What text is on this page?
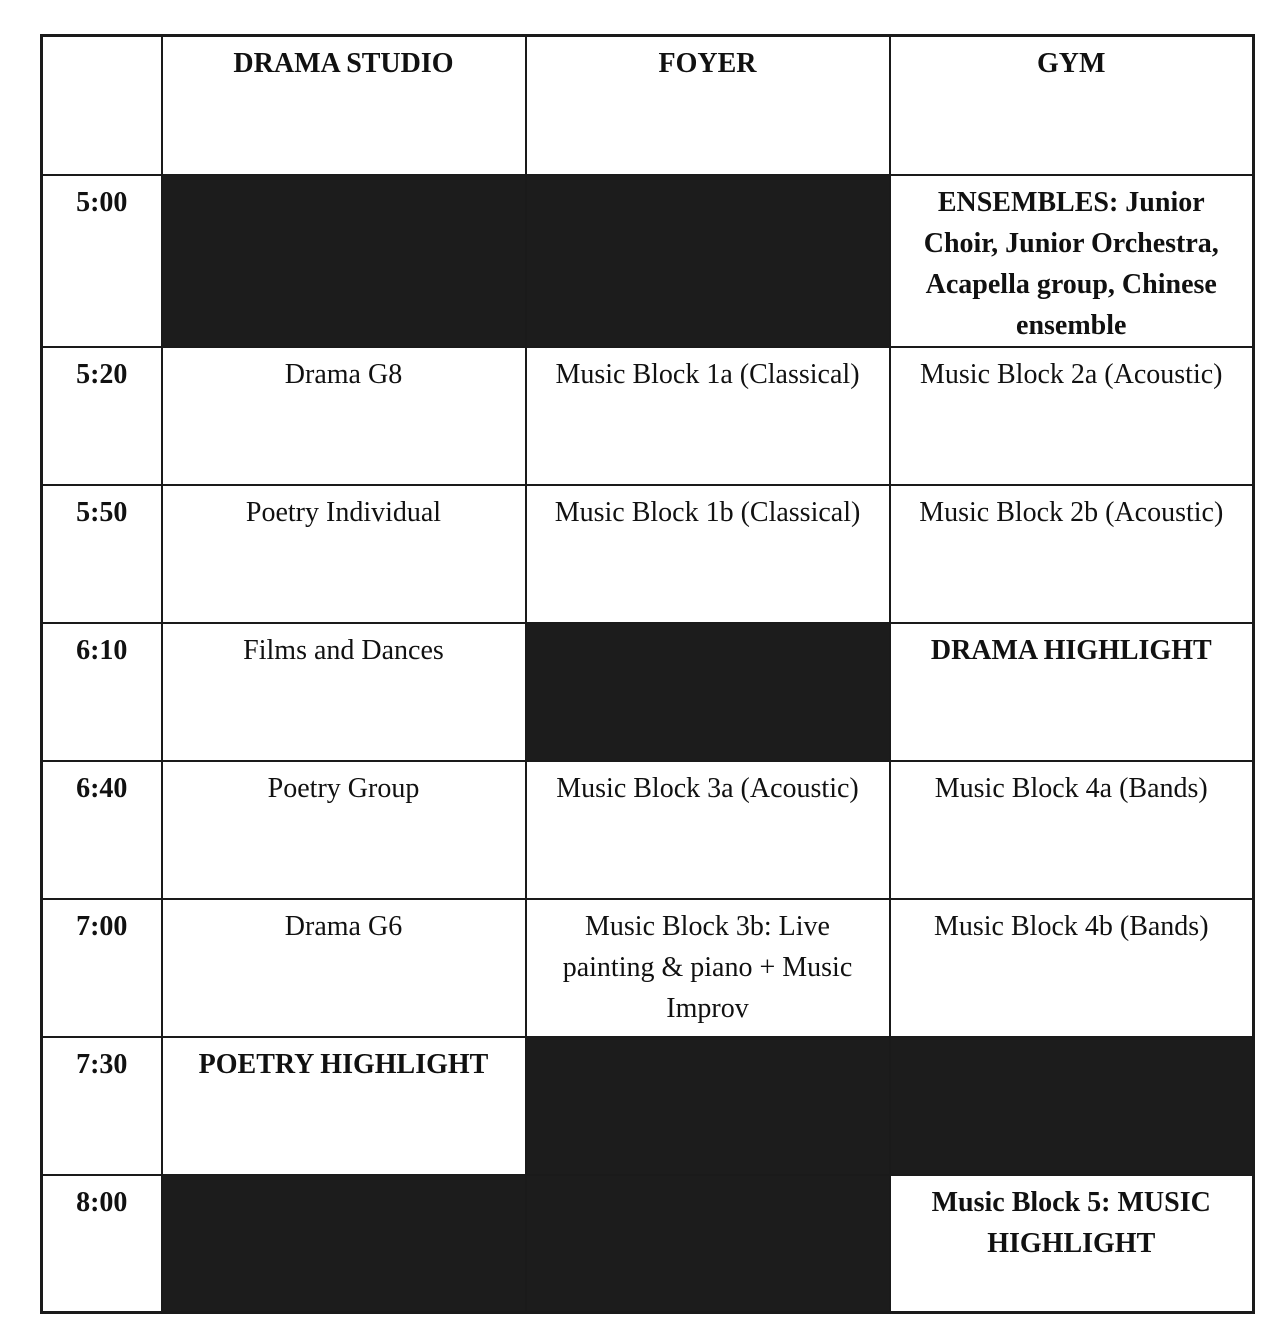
	DRAMA STUDIO	FOYER	GYM
5:00			ENSEMBLES: Junior Choir, Junior Orchestra, Acapella group, Chinese ensemble
5:20	Drama G8	Music Block 1a (Classical)	Music Block 2a (Acoustic)
5:50	Poetry Individual	Music Block 1b (Classical)	Music Block 2b (Acoustic)
6:10	Films and Dances		DRAMA HIGHLIGHT
6:40	Poetry Group	Music Block 3a (Acoustic)	Music Block 4a (Bands)
7:00	Drama G6	Music Block 3b: Live painting & piano + Music Improv	Music Block 4b (Bands)
7:30	POETRY HIGHLIGHT		
8:00			Music Block 5: MUSIC HIGHLIGHT
